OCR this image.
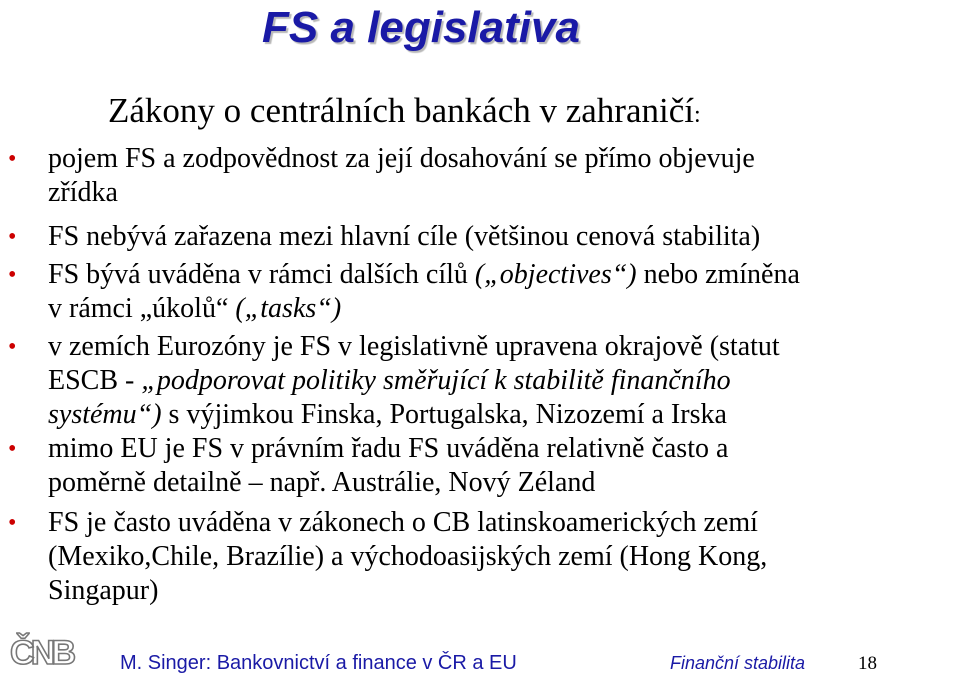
FS a legislativa
Zákony o centrálních bankách v zahraničí:
• pojem FS a zodpovědnost za její dosahování se přímo objevuje
zřídka
• FS nebývá zařazena mezi hlavní cíle (většinou cenová stabilita)
• FS bývá uváděna v rámci dalších cílů („objectives“) nebo zmíněna
v rámci „úkolů“ („tasks“)
• v zemích Eurozóny je FS v legislativně upravena okrajově (statut
ESCB - „podporovat politiky směřující k stabilitě finančního
systému“) s výjimkou Finska, Portugalska, Nizozemí a Irska
• mimo EU je FS v právním řadu FS uváděna relativně často a
poměrně detailně – např. Austrálie, Nový Zéland
• FS je často uváděna v zákonech o CB latinskoamerických zemí
(Mexiko,Chile, Brazílie) a východoasijských zemí (Hong Kong,
Singapur)
ČNB M. Singer: Bankovnictví a finance v ČR a EU	Finanční stabilita	18
